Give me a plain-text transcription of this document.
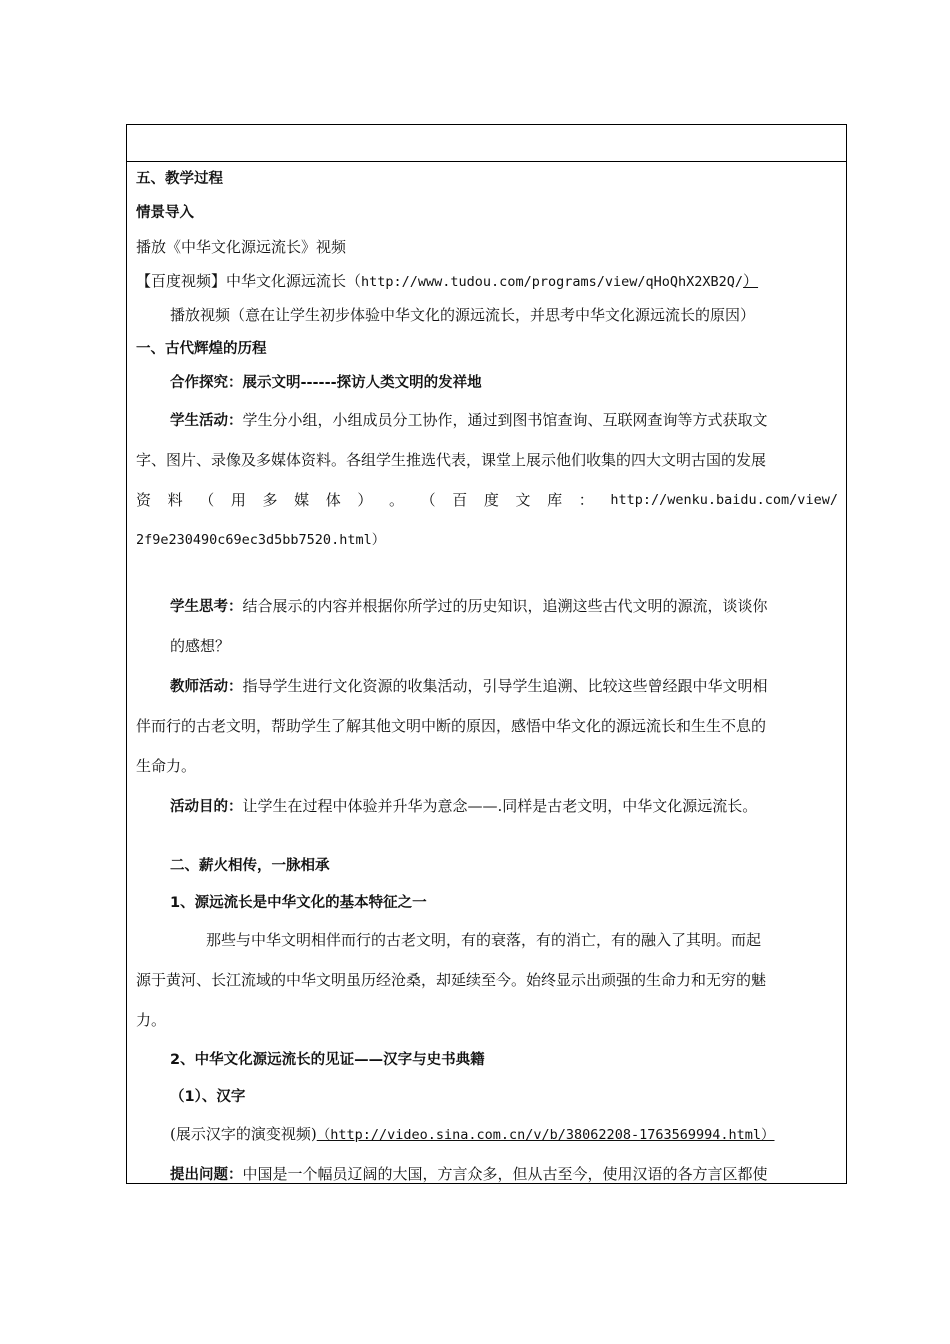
五、教学过程
情景导入
播放《中华文化源远流长》视频
【百度视频】中华文化源远流长（http://www.tudou.com/programs/view/qHoQhX2XB2Q/）
播放视频（意在让学生初步体验中华文化的源远流长，并思考中华文化源远流长的原因）
一、古代辉煌的历程
合作探究：展示文明------探访人类文明的发祥地
学生活动：学生分小组，小组成员分工协作，通过到图书馆查询、互联网查询等方式获取文
字、图片、录像及多媒体资料。各组学生推选代表，课堂上展示他们收集的四大文明古国的发展
资 料 （ 用 多 媒 体 ） 。 （ 百 度 文 库 ： http://wenku.baidu.com/view/
2f9e230490c69ec3d5bb7520.html）
学生思考：结合展示的内容并根据你所学过的历史知识，追溯这些古代文明的源流，谈谈你
的感想？
教师活动：指导学生进行文化资源的收集活动，引导学生追溯、比较这些曾经跟中华文明相
伴而行的古老文明，帮助学生了解其他文明中断的原因，感悟中华文化的源远流长和生生不息的
生命力。
活动目的：让学生在过程中体验并升华为意念——.同样是古老文明，中华文化源远流长。
二、薪火相传，一脉相承
1、源远流长是中华文化的基本特征之一
那些与中华文明相伴而行的古老文明，有的衰落，有的消亡，有的融入了其明。而起
源于黄河、长江流域的中华文明虽历经沧桑，却延续至今。始终显示出顽强的生命力和无穷的魅
力。
2、中华文化源远流长的见证——汉字与史书典籍
（1）、汉字
(展示汉字的演变视频)（http://video.sina.com.cn/v/b/38062208-1763569994.html）
提出问题：中国是一个幅员辽阔的大国，方言众多，但从古至今，使用汉语的各方言区都使
